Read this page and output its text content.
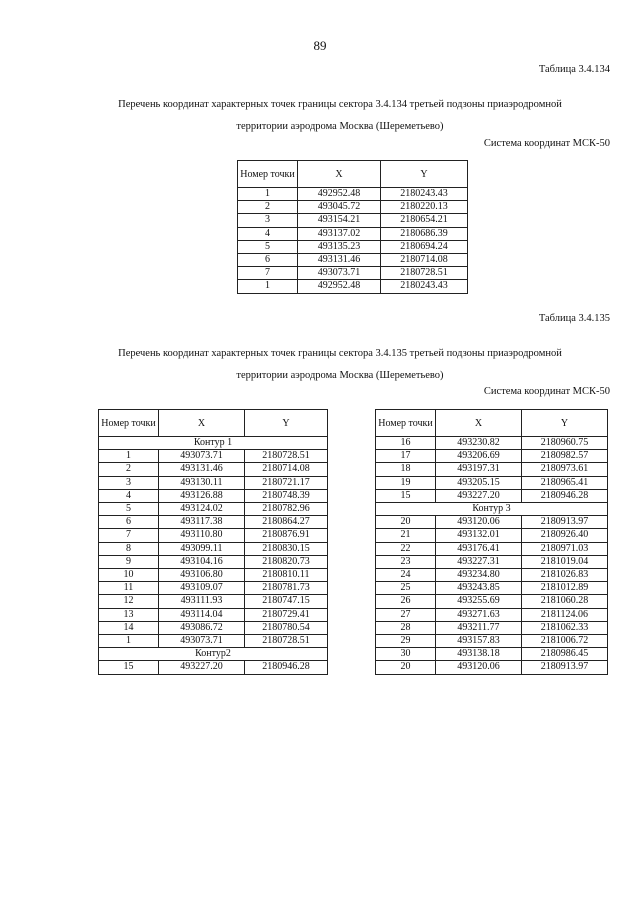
89
Таблица 3.4.134
Перечень координат характерных точек границы сектора 3.4.134 третьей подзоны приаэродромной
территории аэродрома Москва (Шереметьево)
Система координат МСК-50
Номер точки	X	Y
1	492952.48	2180243.43
2	493045.72	2180220.13
3	493154.21	2180654.21
4	493137.02	2180686.39
5	493135.23	2180694.24
6	493131.46	2180714.08
7	493073.71	2180728.51
1	492952.48	2180243.43
Таблица 3.4.135
Перечень координат характерных точек границы сектора 3.4.135 третьей подзоны приаэродромной
территории аэродрома Москва (Шереметьево)
Система координат МСК-50
Номер точки	X	Y
Контур 1		
1	493073.71	2180728.51
2	493131.46	2180714.08
3	493130.11	2180721.17
4	493126.88	2180748.39
5	493124.02	2180782.96
6	493117.38	2180864.27
7	493110.80	2180876.91
8	493099.11	2180830.15
9	493104.16	2180820.73
10	493106.80	2180810.11
11	493109.07	2180781.73
12	493111.93	2180747.15
13	493114.04	2180729.41
14	493086.72	2180780.54
1	493073.71	2180728.51
Контур2		
15	493227.20	2180946.28
Номер точки	X	Y
16	493230.82	2180960.75
17	493206.69	2180982.57
18	493197.31	2180973.61
19	493205.15	2180965.41
15	493227.20	2180946.28
Контур 3		
20	493120.06	2180913.97
21	493132.01	2180926.40
22	493176.41	2180971.03
23	493227.31	2181019.04
24	493234.80	2181026.83
25	493243.85	2181012.89
26	493255.69	2181060.28
27	493271.63	2181124.06
28	493211.77	2181062.33
29	493157.83	2181006.72
30	493138.18	2180986.45
20	493120.06	2180913.97
